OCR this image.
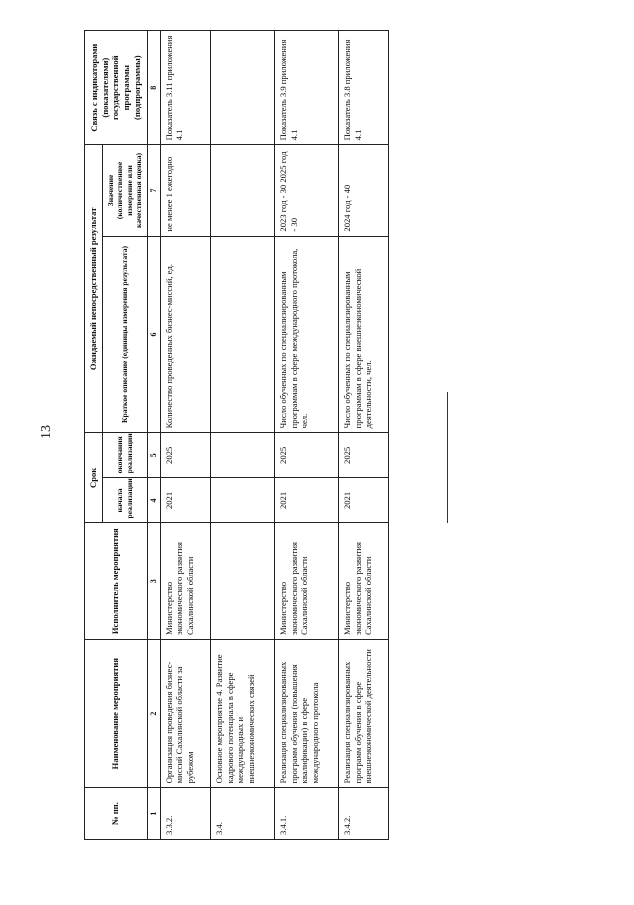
13
№ пп.	Наименование мероприятия	Исполнитель мероприятия	Срок		Ожидаемый непосредственный результат		Связь с индикаторами (показателями) государственной программы (подпрограммы)
			начала реализации	окончания реализации	Краткое описание (единицы измерения результата)	Значение (количественное измерение или качественная оценка)	
1	2	3	4	5	6	7	8
3.3.2.	Организация проведения бизнес-миссий Сахалинской области за рубежом	Министерство экономического развития Сахалинской области	2021	2025	Количество проведенных бизнес-миссий, ед.	не менее 1 ежегодно	Показатель 3.11 приложения 4.1
3.4.	Основное мероприятие 4. Развитие кадрового потенциала в сфере международных и внешнеэкономических связей						
3.4.1.	Реализация специализированных программ обучения (повышения квалификации) в сфере международного протокола	Министерство экономического развития Сахалинской области	2021	2025	Число обученных по специализированным программам в сфере международного протокола, чел.	2023 год - 30 2025 год - 30	Показатель 3.9 приложения 4.1
3.4.2.	Реализация специализированных программ обучения в сфере внешнеэкономической деятельности	Министерство экономического развития Сахалинской области	2021	2025	Число обученных по специализированным программам в сфере внешнеэкономической деятельности, чел.	2024 год - 40	Показатель 3.8 приложения 4.1
